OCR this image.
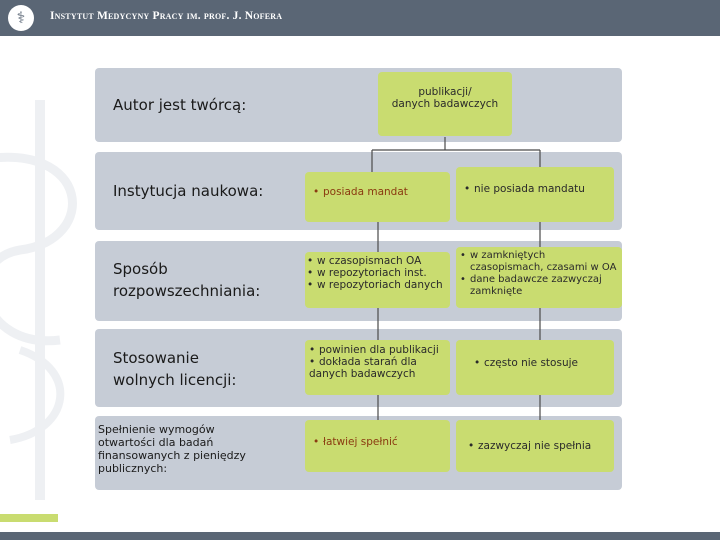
⚕	Instytut Medycyny Pracy im. prof. J. Nofera
Autor jest twórcą:
Instytucja naukowa:
Sposób rozpowszechniania:
Stosowanie wolnych licencji:
Spełnienie wymogów otwartości dla badań finansowanych z pieniędzy publicznych:
publikacji/
danych badawczych
• posiada mandat	• nie posiada mandatu
• w czasopismach OA
• w repozytoriach inst.
• w repozytoriach danych
• w zamkniętych czasopismach, czasami w OA
• dane badawcze zazwyczaj zamknięte
• powinien dla publikacji
• dokłada starań dla
danych badawczych
• często nie stosuje
• łatwiej spełnić	• zazwyczaj nie spełnia
